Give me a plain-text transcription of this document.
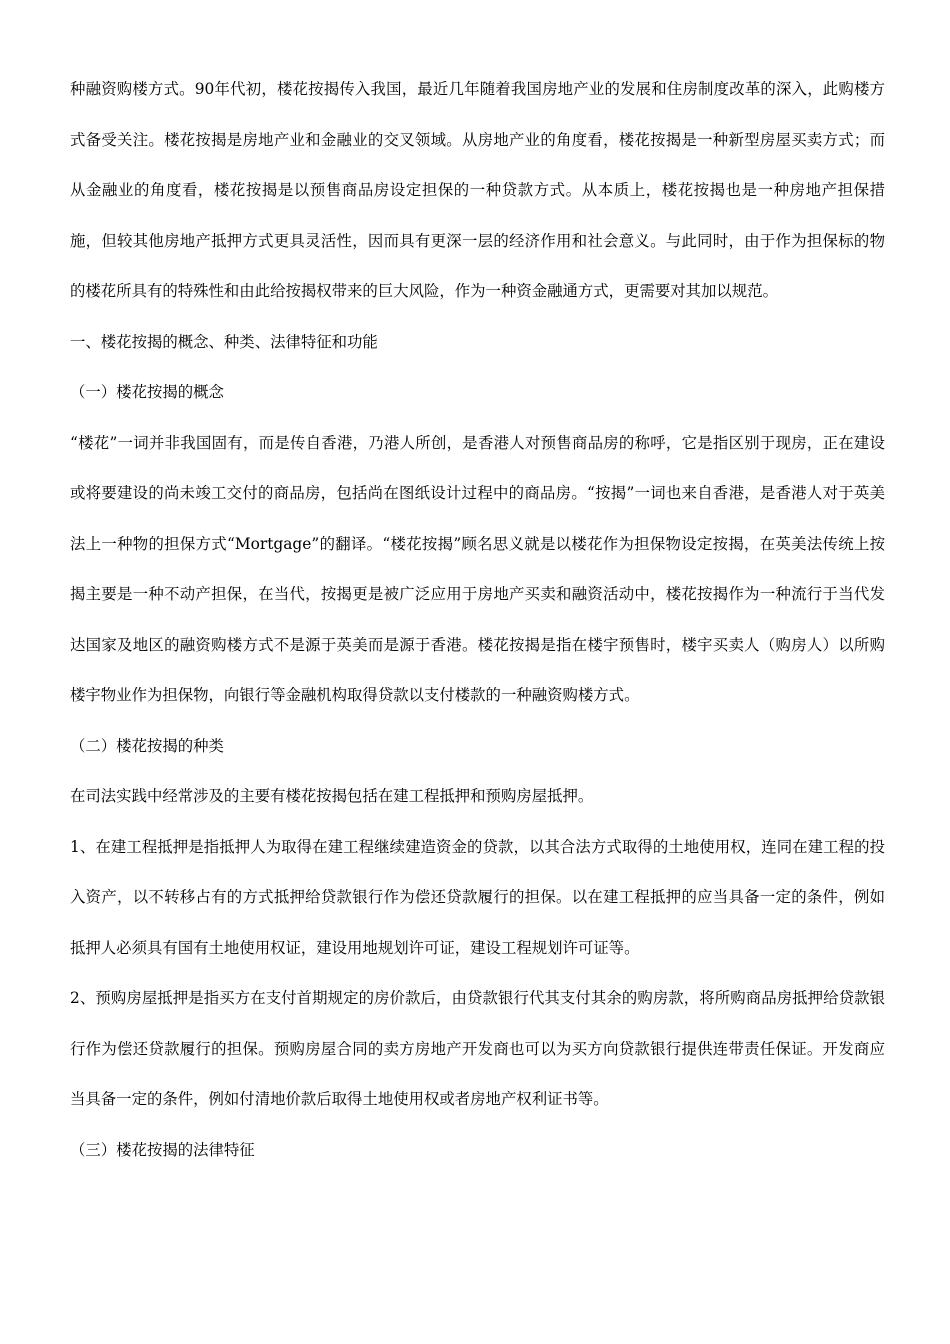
种融资购楼方式。90年代初，楼花按揭传入我国，最近几年随着我国房地产业的发展和住房制度改革的深入，此购楼方式备受关注。楼花按揭是房地产业和金融业的交叉领域。从房地产业的角度看，楼花按揭是一种新型房屋买卖方式；而从金融业的角度看，楼花按揭是以预售商品房设定担保的一种贷款方式。从本质上，楼花按揭也是一种房地产担保措施，但较其他房地产抵押方式更具灵活性，因而具有更深一层的经济作用和社会意义。与此同时，由于作为担保标的物的楼花所具有的特殊性和由此给按揭权带来的巨大风险，作为一种资金融通方式，更需要对其加以规范。

一、楼花按揭的概念、种类、法律特征和功能

（一）楼花按揭的概念

“楼花”一词并非我国固有，而是传自香港，乃港人所创，是香港人对预售商品房的称呼，它是指区别于现房，正在建设或将要建设的尚未竣工交付的商品房，包括尚在图纸设计过程中的商品房。“按揭”一词也来自香港，是香港人对于英美法上一种物的担保方式“Mortgage”的翻译。“楼花按揭”顾名思义就是以楼花作为担保物设定按揭，在英美法传统上按揭主要是一种不动产担保，在当代，按揭更是被广泛应用于房地产买卖和融资活动中，楼花按揭作为一种流行于当代发达国家及地区的融资购楼方式不是源于英美而是源于香港。楼花按揭是指在楼宇预售时，楼宇买卖人（购房人）以所购楼宇物业作为担保物，向银行等金融机构取得贷款以支付楼款的一种融资购楼方式。

（二）楼花按揭的种类

在司法实践中经常涉及的主要有楼花按揭包括在建工程抵押和预购房屋抵押。

1、在建工程抵押是指抵押人为取得在建工程继续建造资金的贷款，以其合法方式取得的土地使用权，连同在建工程的投入资产，以不转移占有的方式抵押给贷款银行作为偿还贷款履行的担保。以在建工程抵押的应当具备一定的条件，例如抵押人必须具有国有土地使用权证，建设用地规划许可证，建设工程规划许可证等。

2、预购房屋抵押是指买方在支付首期规定的房价款后，由贷款银行代其支付其余的购房款，将所购商品房抵押给贷款银行作为偿还贷款履行的担保。预购房屋合同的卖方房地产开发商也可以为买方向贷款银行提供连带责任保证。开发商应当具备一定的条件，例如付清地价款后取得土地使用权或者房地产权利证书等。

（三）楼花按揭的法律特征
